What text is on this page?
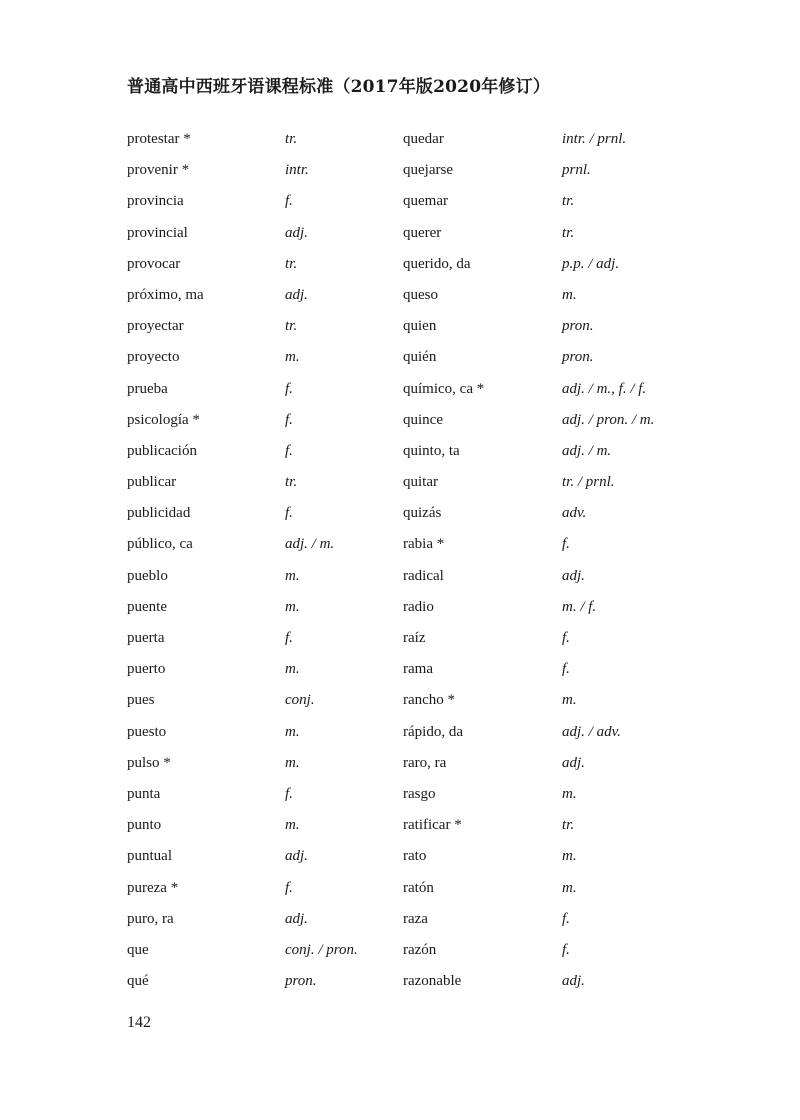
普通高中西班牙语课程标准（2017年版2020年修订）
protestar *	tr.	quedar	intr. / prnl.
provenir *	intr.	quejarse	prnl.
provincia	f.	quemar	tr.
provincial	adj.	querer	tr.
provocar	tr.	querido, da	p.p. / adj.
próximo, ma	adj.	queso	m.
proyectar	tr.	quien	pron.
proyecto	m.	quién	pron.
prueba	f.	químico, ca *	adj. / m., f. / f.
psicología *	f.	quince	adj. / pron. / m.
publicación	f.	quinto, ta	adj. / m.
publicar	tr.	quitar	tr. / prnl.
publicidad	f.	quizás	adv.
público, ca	adj. / m.	rabia *	f.
pueblo	m.	radical	adj.
puente	m.	radio	m. / f.
puerta	f.	raíz	f.
puerto	m.	rama	f.
pues	conj.	rancho *	m.
puesto	m.	rápido, da	adj. / adv.
pulso *	m.	raro, ra	adj.
punta	f.	rasgo	m.
punto	m.	ratificar *	tr.
puntual	adj.	rato	m.
pureza *	f.	ratón	m.
puro, ra	adj.	raza	f.
que	conj. / pron.	razón	f.
qué	pron.	razonable	adj.
142
